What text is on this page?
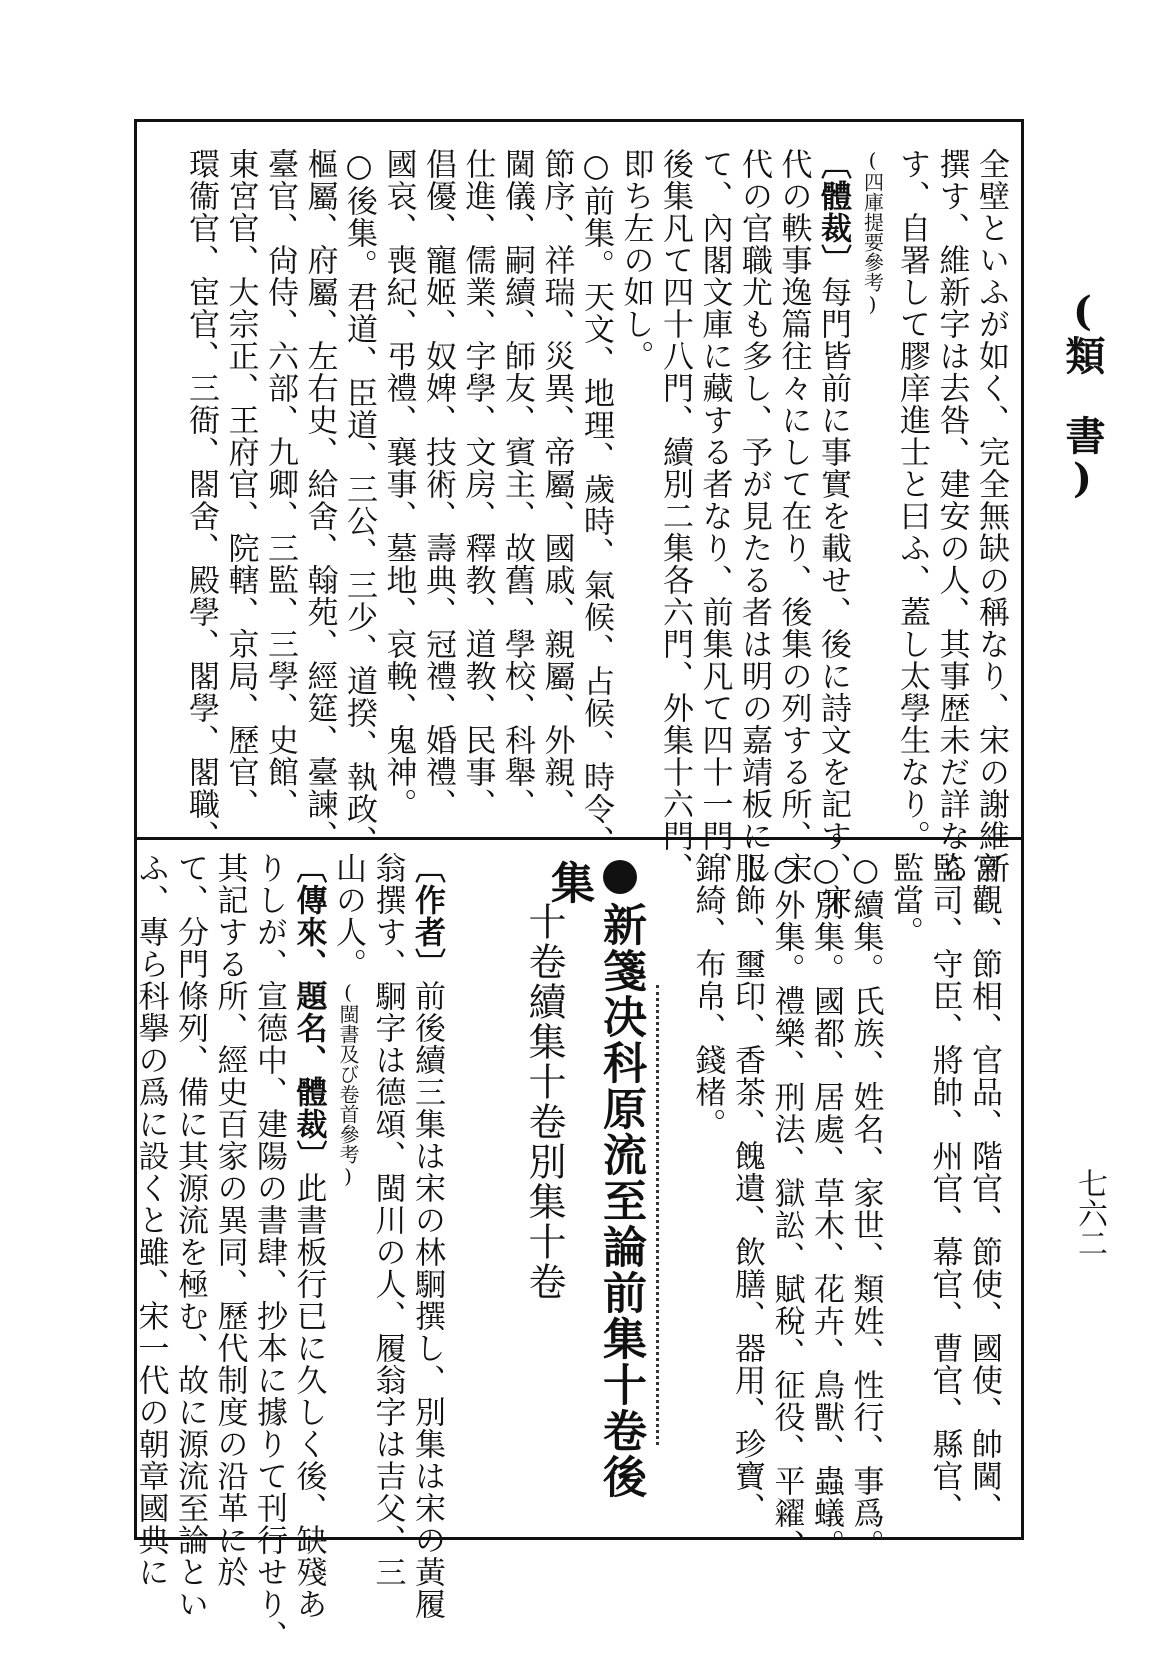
(類　書)
七六二
全壁といふが如く、完全無缺の稱なり、宋の謝維新
撰す、維新字は去咎、建安の人、其事歴未だ詳なら
す、自署して膠庠進士と曰ふ、蓋し太學生なり。
(四庫提要參考)
〔體裁〕每門皆前に事實を載せ、後に詩文を記す、宋
代の軼事逸篇往々にして在り、後集の列する所、宋
代の官職尤も多し、予が見たる者は明の嘉靖板にし
て、內閣文庫に藏する者なり、前集凡て四十一門、
後集凡て四十八門、續別二集各六門、外集十六門、
即ち左の如し。
○前集。天文、地理、歲時、氣候、占候、時令、
節序、祥瑞、災異、帝屬、國戚、親屬、外親、
閫儀、嗣續、師友、賓主、故舊、學校、科舉、
仕進、儒業、字學、文房、釋教、道教、民事、
倡優、寵姬、奴婢、技術、壽典、冠禮、婚禮、
國哀、喪紀、弔禮、襄事、墓地、哀輓、鬼神。
○後集。君道、臣道、三公、三少、道揆、執政、
樞屬、府屬、左右史、給舍、翰苑、經筵、臺諫、
臺官、尙侍、六部、九卿、三監、三學、史館、
東宮官、大宗正、王府官、院轄、京局、歷官、
環衞官、宦官、三衙、閤舍、殿學、閣學、閣職、
宮觀、節相、官品、階官、節使、國使、帥閫、
監司、守臣、將帥、州官、幕官、曹官、縣官、
監當。
○續集。氏族、姓名、家世、類姓、性行、事爲。
○別集。國都、居處、草木、花卉、鳥獸、蟲蟻。
○外集。禮樂、刑法、獄訟、賦稅、征役、平糴、
服飾、璽印、香茶、餽遺、飲膳、器用、珍寶、
錦綺、布帛、錢楮。
新箋决科原流至論前集十卷後集
十卷續集十卷別集十卷
〔作者〕前後續三集は宋の林駉撰し、別集は宋の黃履
翁撰す、駉字は德頌、閩川の人、履翁字は吉父、三
山の人。(閩書及び卷首參考)
〔傳來、題名、體裁〕此書板行已に久しく後、缺殘あ
りしが、宣德中、建陽の書肆、抄本に據りて刊行せり、
其記する所、經史百家の異同、歷代制度の沿革に於
て、分門條列、備に其源流を極む、故に源流至論とい
ふ、專ら科擧の爲に設くと雖、宋一代の朝章國典に
